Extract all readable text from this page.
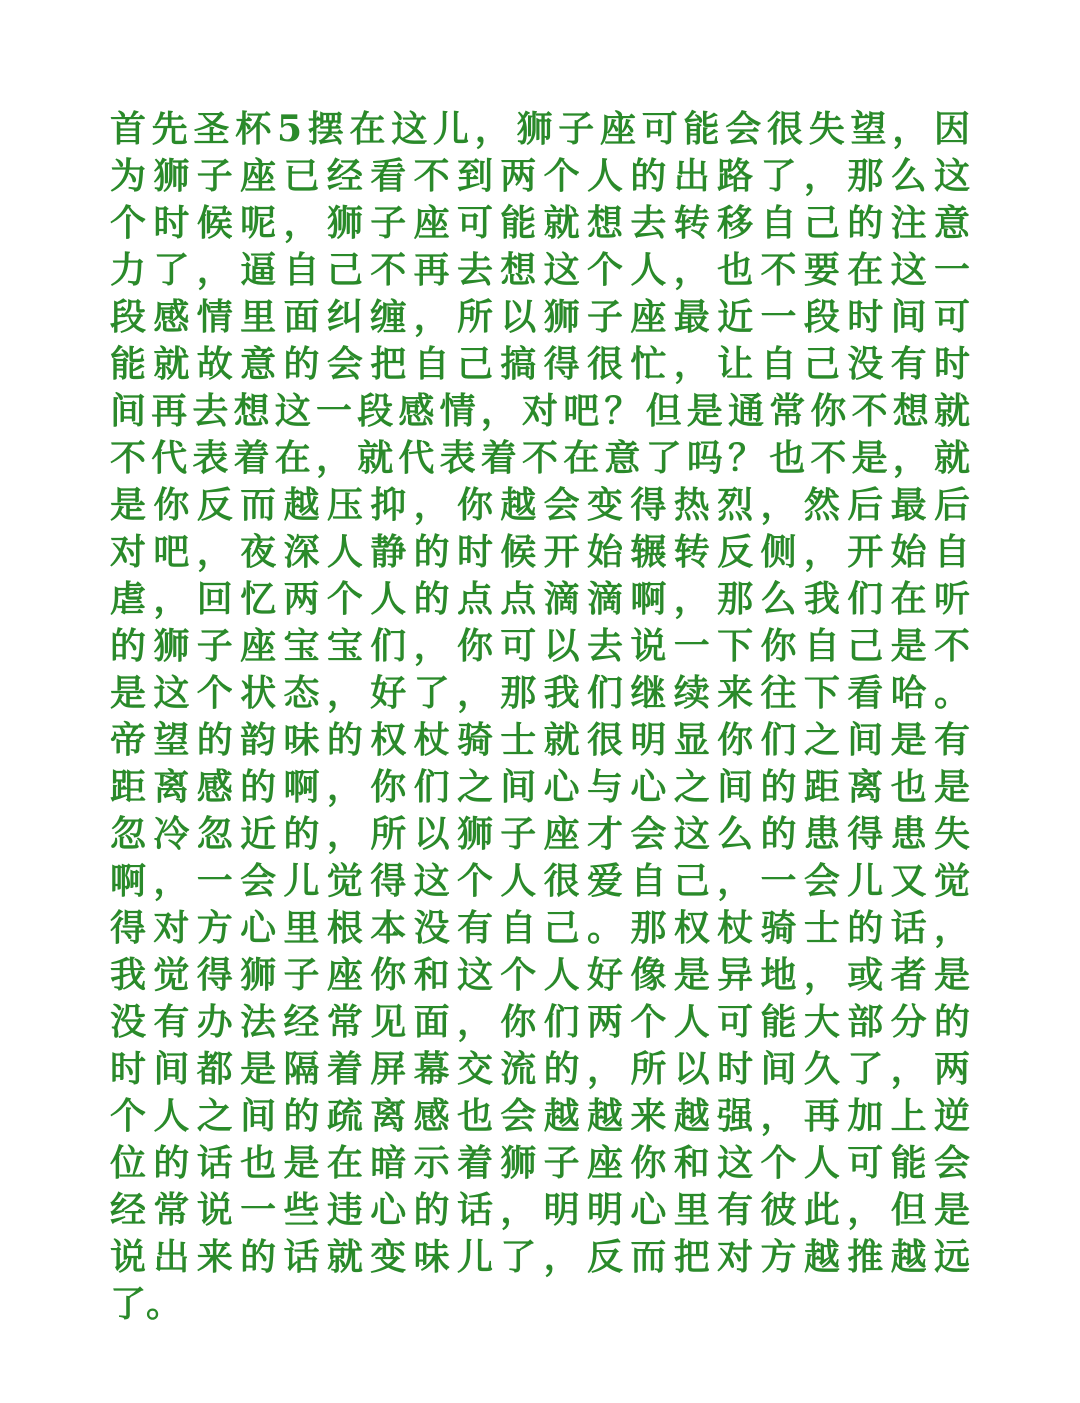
首先圣杯5摆在这儿，狮子座可能会很失望，因
为狮子座已经看不到两个人的出路了，那么这
个时候呢，狮子座可能就想去转移自己的注意
力了，逼自己不再去想这个人，也不要在这一
段感情里面纠缠，所以狮子座最近一段时间可
能就故意的会把自己搞得很忙，让自己没有时
间再去想这一段感情，对吧？但是通常你不想就
不代表着在，就代表着不在意了吗？也不是，就
是你反而越压抑，你越会变得热烈，然后最后
对吧，夜深人静的时候开始辗转反侧，开始自
虐，回忆两个人的点点滴滴啊，那么我们在听
的狮子座宝宝们，你可以去说一下你自己是不
是这个状态，好了，那我们继续来往下看哈。
帝望的韵味的权杖骑士就很明显你们之间是有
距离感的啊，你们之间心与心之间的距离也是
忽冷忽近的，所以狮子座才会这么的患得患失
啊，一会儿觉得这个人很爱自己，一会儿又觉
得对方心里根本没有自己。那权杖骑士的话，
我觉得狮子座你和这个人好像是异地，或者是
没有办法经常见面，你们两个人可能大部分的
时间都是隔着屏幕交流的，所以时间久了，两
个人之间的疏离感也会越越来越强，再加上逆
位的话也是在暗示着狮子座你和这个人可能会
经常说一些违心的话，明明心里有彼此，但是
说出来的话就变味儿了，反而把对方越推越远
了。
